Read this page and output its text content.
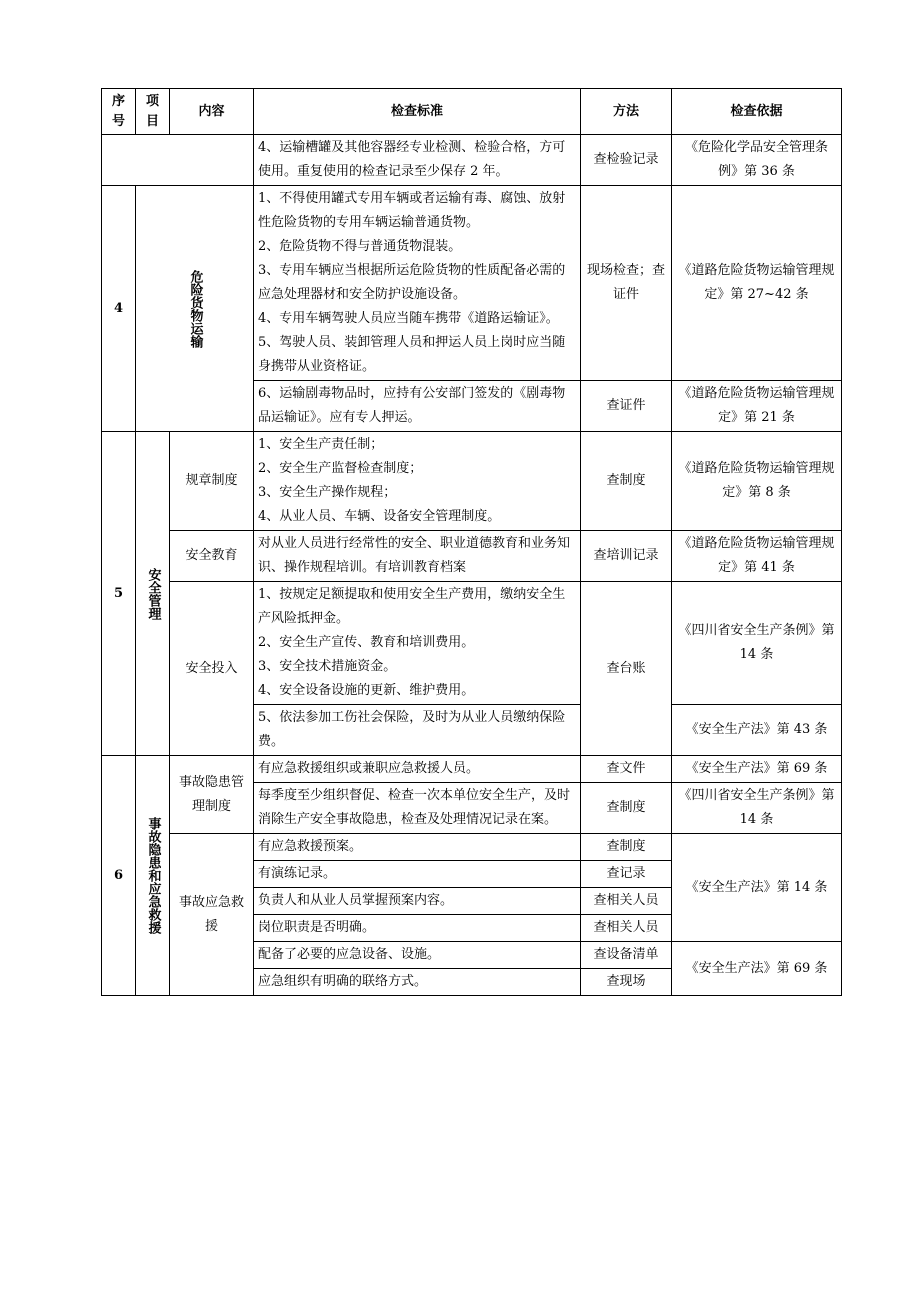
序号	项目	内容	检查标准	方法	检查依据
			4、运输槽罐及其他容器经专业检测、检验合格，方可使用。重复使用的检查记录至少保存 2 年。	查检验记录	《危险化学品安全管理条例》第 36 条
4	危险货物运输		1、不得使用罐式专用车辆或者运输有毒、腐蚀、放射性危险货物的专用车辆运输普通货物。
2、危险货物不得与普通货物混装。
3、专用车辆应当根据所运危险货物的性质配备必需的应急处理器材和安全防护设施设备。
4、专用车辆驾驶人员应当随车携带《道路运输证》。
5、驾驶人员、装卸管理人员和押运人员上岗时应当随身携带从业资格证。	现场检查；查证件	《道路危险货物运输管理规定》第 27~42 条
			6、运输剧毒物品时，应持有公安部门签发的《剧毒物品运输证》。应有专人押运。	查证件	《道路危险货物运输管理规定》第 21 条
5	安全管理	规章制度	1、安全生产责任制；
2、安全生产监督检查制度；
3、安全生产操作规程；
4、从业人员、车辆、设备安全管理制度。	查制度	《道路危险货物运输管理规定》第 8 条
		安全教育	对从业人员进行经常性的安全、职业道德教育和业务知识、操作规程培训。有培训教育档案	查培训记录	《道路危险货物运输管理规定》第 41 条
		安全投入	1、按规定足额提取和使用安全生产费用，缴纳安全生产风险抵押金。
2、安全生产宣传、教育和培训费用。
3、安全技术措施资金。
4、安全设备设施的更新、维护费用。	查台账	《四川省安全生产条例》第 14 条
			5、依法参加工伤社会保险，及时为从业人员缴纳保险费。		《安全生产法》第 43 条
6	事故隐患和应急救援	事故隐患管理制度	有应急救援组织或兼职应急救援人员。	查文件	《安全生产法》第 69 条
			每季度至少组织督促、检查一次本单位安全生产，及时消除生产安全事故隐患，检查及处理情况记录在案。	查制度	《四川省安全生产条例》第 14 条
		事故应急救援	有应急救援预案。	查制度	《安全生产法》第 14 条
			有演练记录。	查记录	
			负责人和从业人员掌握预案内容。	查相关人员	
			岗位职责是否明确。	查相关人员	
			配备了必要的应急设备、设施。	查设备清单	《安全生产法》第 69 条
			应急组织有明确的联络方式。	查现场	
